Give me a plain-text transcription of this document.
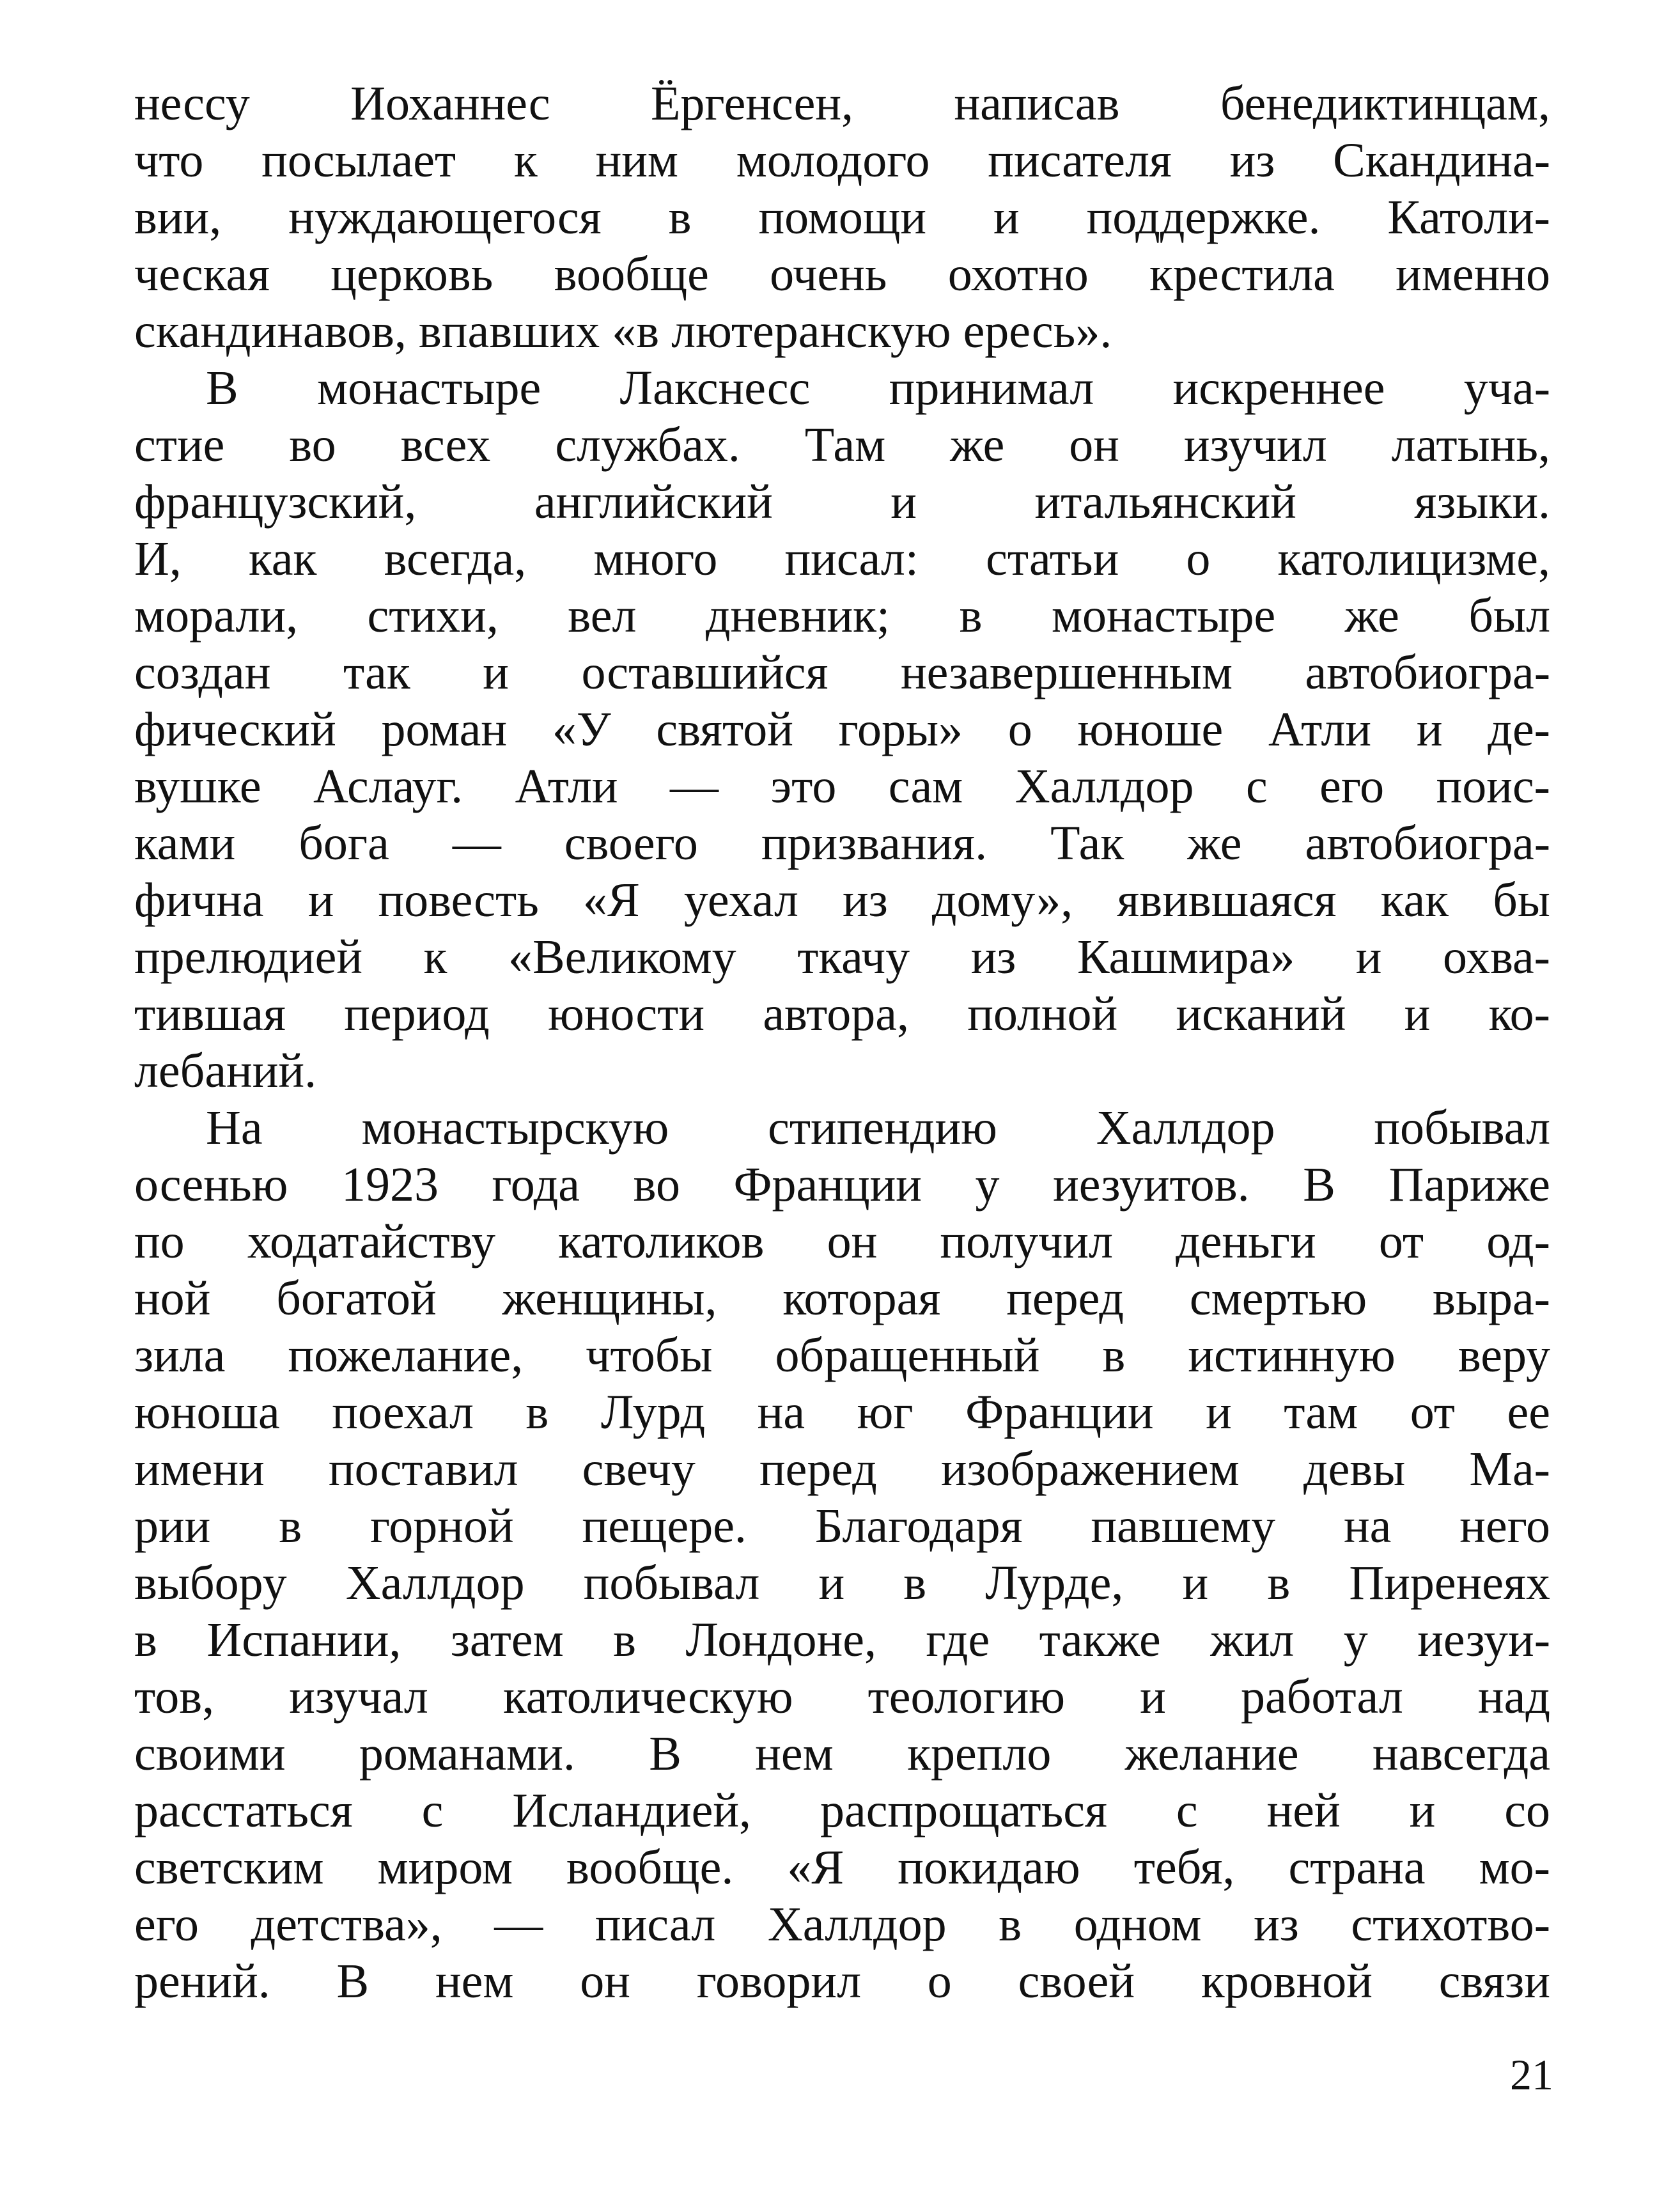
нессу Иоханнес Ёргенсен, написав бенедиктинцам,
что посылает к ним молодого писателя из Скандина-
вии, нуждающегося в помощи и поддержке. Католи-
ческая церковь вообще очень охотно крестила именно
скандинавов, впавших «в лютеранскую ересь».
В монастыре Лакснесс принимал искреннее уча-
стие во всех службах. Там же он изучил латынь,
французский, английский и итальянский языки.
И, как всегда, много писал: статьи о католицизме,
морали, стихи, вел дневник; в монастыре же был
создан так и оставшийся незавершенным автобиогра-
фический роман «У святой горы» о юноше Атли и де-
вушке Аслауг. Атли — это сам Халлдор с его поис-
ками бога — своего призвания. Так же автобиогра-
фична и повесть «Я уехал из дому», явившаяся как бы
прелюдией к «Великому ткачу из Кашмира» и охва-
тившая период юности автора, полной исканий и ко-
лебаний.
На монастырскую стипендию Халлдор побывал
осенью 1923 года во Франции у иезуитов. В Париже
по ходатайству католиков он получил деньги от од-
ной богатой женщины, которая перед смертью выра-
зила пожелание, чтобы обращенный в истинную веру
юноша поехал в Лурд на юг Франции и там от ее
имени поставил свечу перед изображением девы Ма-
рии в горной пещере. Благодаря павшему на него
выбору Халлдор побывал и в Лурде, и в Пиренеях
в Испании, затем в Лондоне, где также жил у иезуи-
тов, изучал католическую теологию и работал над
своими романами. В нем крепло желание навсегда
расстаться с Исландией, распрощаться с ней и со
светским миром вообще. «Я покидаю тебя, страна мо-
его детства», — писал Халлдор в одном из стихотво-
рений. В нем он говорил о своей кровной связи
21
